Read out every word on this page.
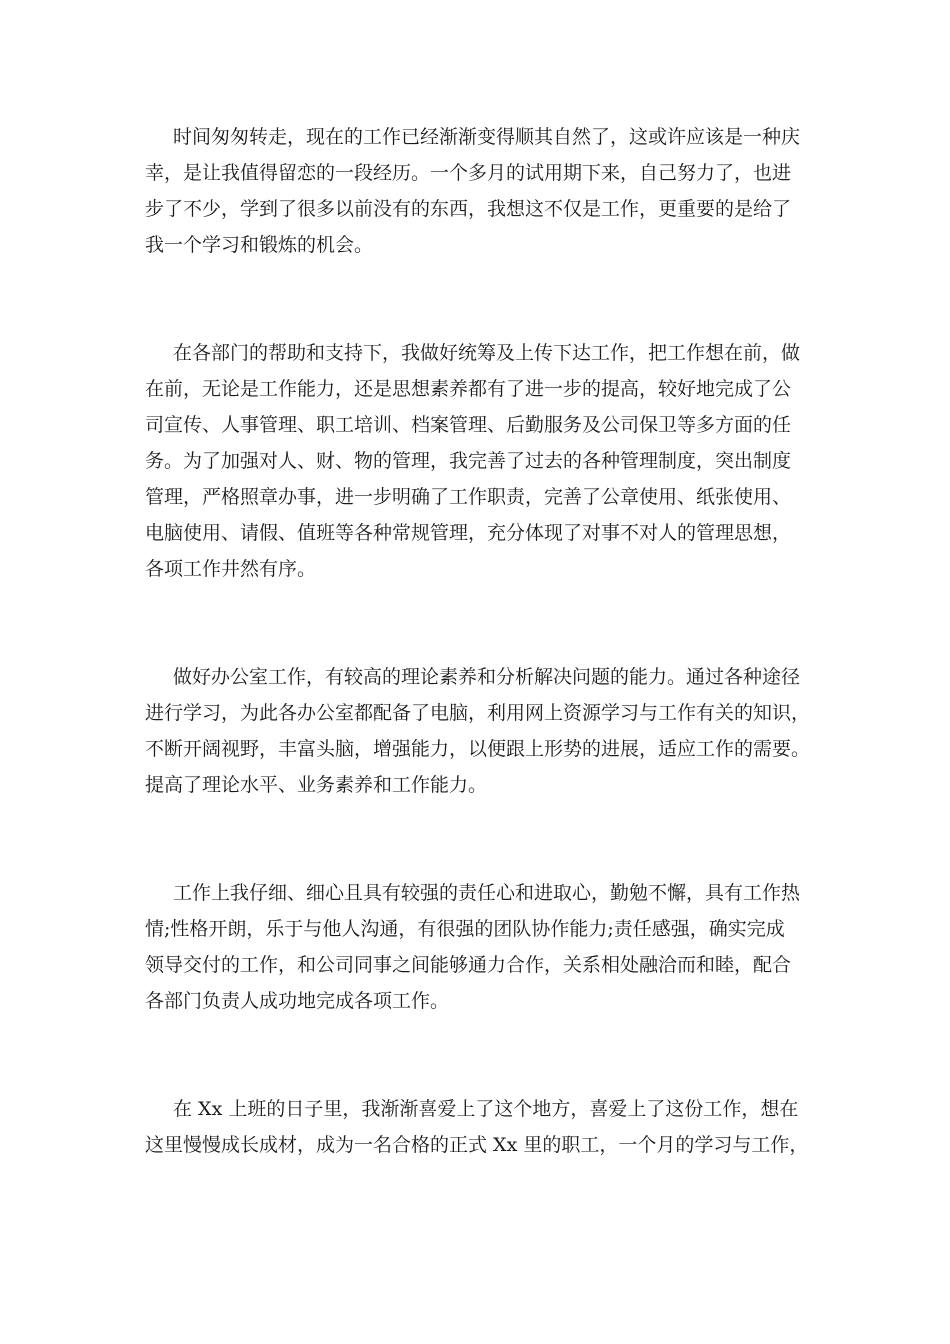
时间匆匆转走，现在的工作已经渐渐变得顺其自然了，这或许应该是一种庆
幸，是让我值得留恋的一段经历。一个多月的试用期下来，自己努力了，也进
步了不少，学到了很多以前没有的东西，我想这不仅是工作，更重要的是给了
我一个学习和锻炼的机会。

在各部门的帮助和支持下，我做好统筹及上传下达工作，把工作想在前，做
在前，无论是工作能力，还是思想素养都有了进一步的提高，较好地完成了公
司宣传、人事管理、职工培训、档案管理、后勤服务及公司保卫等多方面的任
务。为了加强对人、财、物的管理，我完善了过去的各种管理制度，突出制度
管理，严格照章办事，进一步明确了工作职责，完善了公章使用、纸张使用、
电脑使用、请假、值班等各种常规管理，充分体现了对事不对人的管理思想，
各项工作井然有序。

做好办公室工作，有较高的理论素养和分析解决问题的能力。通过各种途径
进行学习，为此各办公室都配备了电脑，利用网上资源学习与工作有关的知识，
不断开阔视野，丰富头脑，增强能力，以便跟上形势的进展，适应工作的需要。
提高了理论水平、业务素养和工作能力。

工作上我仔细、细心且具有较强的责任心和进取心，勤勉不懈，具有工作热
情;性格开朗，乐于与他人沟通，有很强的团队协作能力;责任感强，确实完成
领导交付的工作，和公司同事之间能够通力合作，关系相处融洽而和睦，配合
各部门负责人成功地完成各项工作。

在 Xx 上班的日子里，我渐渐喜爱上了这个地方，喜爱上了这份工作，想在
这里慢慢成长成材，成为一名合格的正式 Xx 里的职工，一个月的学习与工作，
